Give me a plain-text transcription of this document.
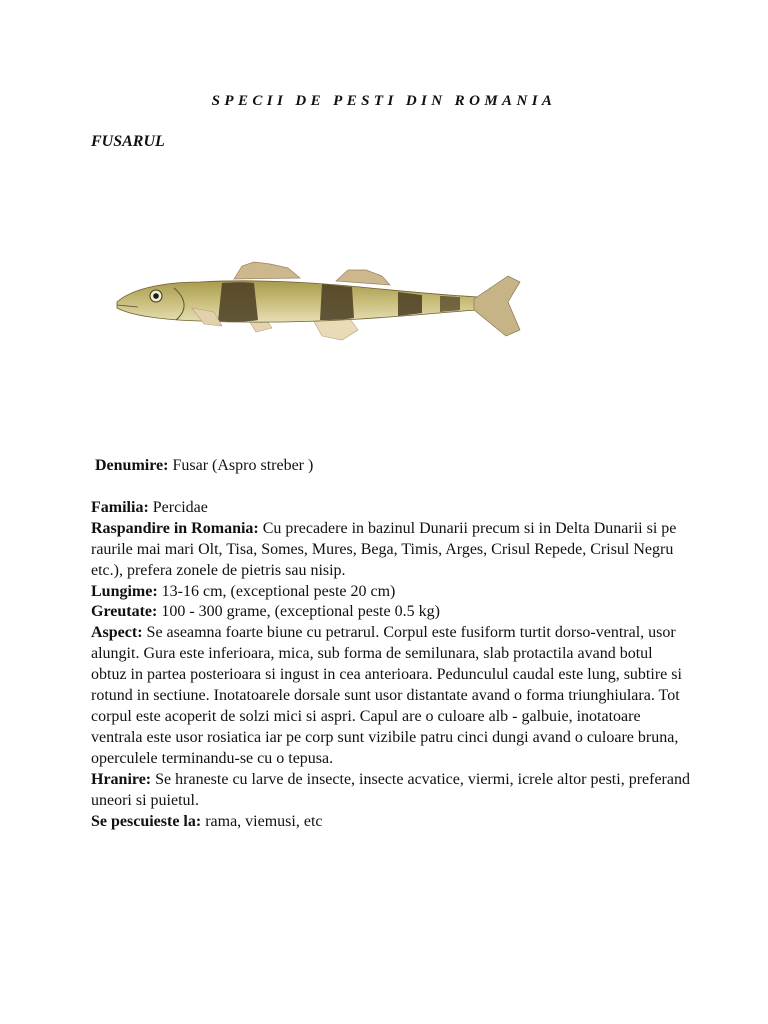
SPECII DE PESTI DIN ROMANIA
FUSARUL

Denumire: Fusar (Aspro streber )

Familia: Percidae

Raspandire in Romania: Cu precadere in bazinul Dunarii precum si in Delta Dunarii si pe raurile mai mari Olt, Tisa, Somes, Mures, Bega, Timis, Arges, Crisul Repede, Crisul Negru etc.), prefera zonele de pietris sau nisip.

Lungime: 13-16 cm, (exceptional peste 20 cm)

Greutate: 100 - 300 grame, (exceptional peste 0.5 kg)

Aspect: Se aseamna foarte biune cu petrarul. Corpul este fusiform turtit dorso-ventral, usor alungit. Gura este inferioara, mica, sub forma de semilunara, slab protactila avand botul obtuz in partea posterioara si ingust in cea anterioara. Pedunculul caudal este lung, subtire si rotund in sectiune. Inotatoarele dorsale sunt usor distantate avand o forma triunghiulara. Tot corpul este acoperit de solzi mici si aspri. Capul are o culoare alb - galbuie, inotatoare ventrala este usor rosiatica iar pe corp sunt vizibile patru cinci dungi avand o culoare bruna, operculele terminandu-se cu o tepusa.

Hranire: Se hraneste cu larve de insecte, insecte acvatice, viermi, icrele altor pesti, preferand uneori si puietul.

Se pescuieste la: rama, viemusi, etc
